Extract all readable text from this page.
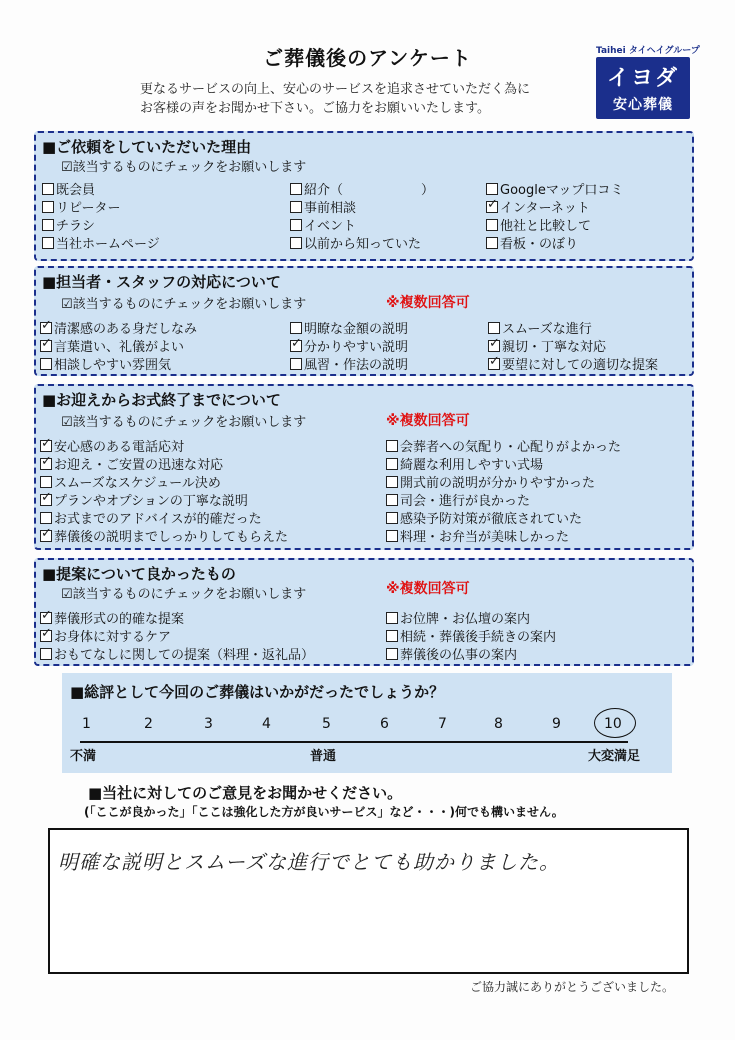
ご葬儀後のアンケート
更なるサービスの向上、安心のサービスを追求させていただく為に
お客様の声をお聞かせ下さい。ご協力をお願いいたします。
Taihei タイヘイグループ
イヨダ
安心葬儀
■ご依頼をしていただいた理由
☑該当するものにチェックをお願いします
既会員	紹介（　　　　　　）	Googleマップ口コミ
リピーター	事前相談 ✓	インターネット
チラシ	イベント	他社と比較して
当社ホームページ	以前から知っていた	看板・のぼり
■担当者・スタッフの対応について
☑該当するものにチェックをお願いします	※複数回答可
✓清潔感のある身だしなみ	明瞭な金額の説明	スムーズな進行
✓言葉遣い、礼儀がよい ✓	分かりやすい説明 ✓	親切・丁寧な対応
相談しやすい雰囲気	風習・作法の説明 ✓	要望に対しての適切な提案
■お迎えからお式終了までについて
☑該当するものにチェックをお願いします	※複数回答可
✓安心感のある電話応対	会葬者への気配り・心配りがよかった
✓お迎え・ご安置の迅速な対応	綺麗な利用しやすい式場
スムーズなスケジュール決め	開式前の説明が分かりやすかった
✓プランやオプションの丁寧な説明	司会・進行が良かった
お式までのアドバイスが的確だった	感染予防対策が徹底されていた
✓葬儀後の説明までしっかりしてもらえた	料理・お弁当が美味しかった
■提案について良かったもの
☑該当するものにチェックをお願いします	※複数回答可
✓葬儀形式の的確な提案	お位牌・お仏壇の案内
✓お身体に対するケア	相続・葬儀後手続きの案内
おもてなしに関しての提案（料理・返礼品）	葬儀後の仏事の案内
■総評として今回のご葬儀はいかがだったでしょうか？
1	2	3	4	5	6	7	8	9	10
不満	普通	大変満足
■当社に対してのご意見をお聞かせください。
(「ここが良かった」「ここは強化した方が良いサービス」など・・・)何でも構いません。
明確な説明とスムーズな進行でとても助かりました。
ご協力誠にありがとうございました。
